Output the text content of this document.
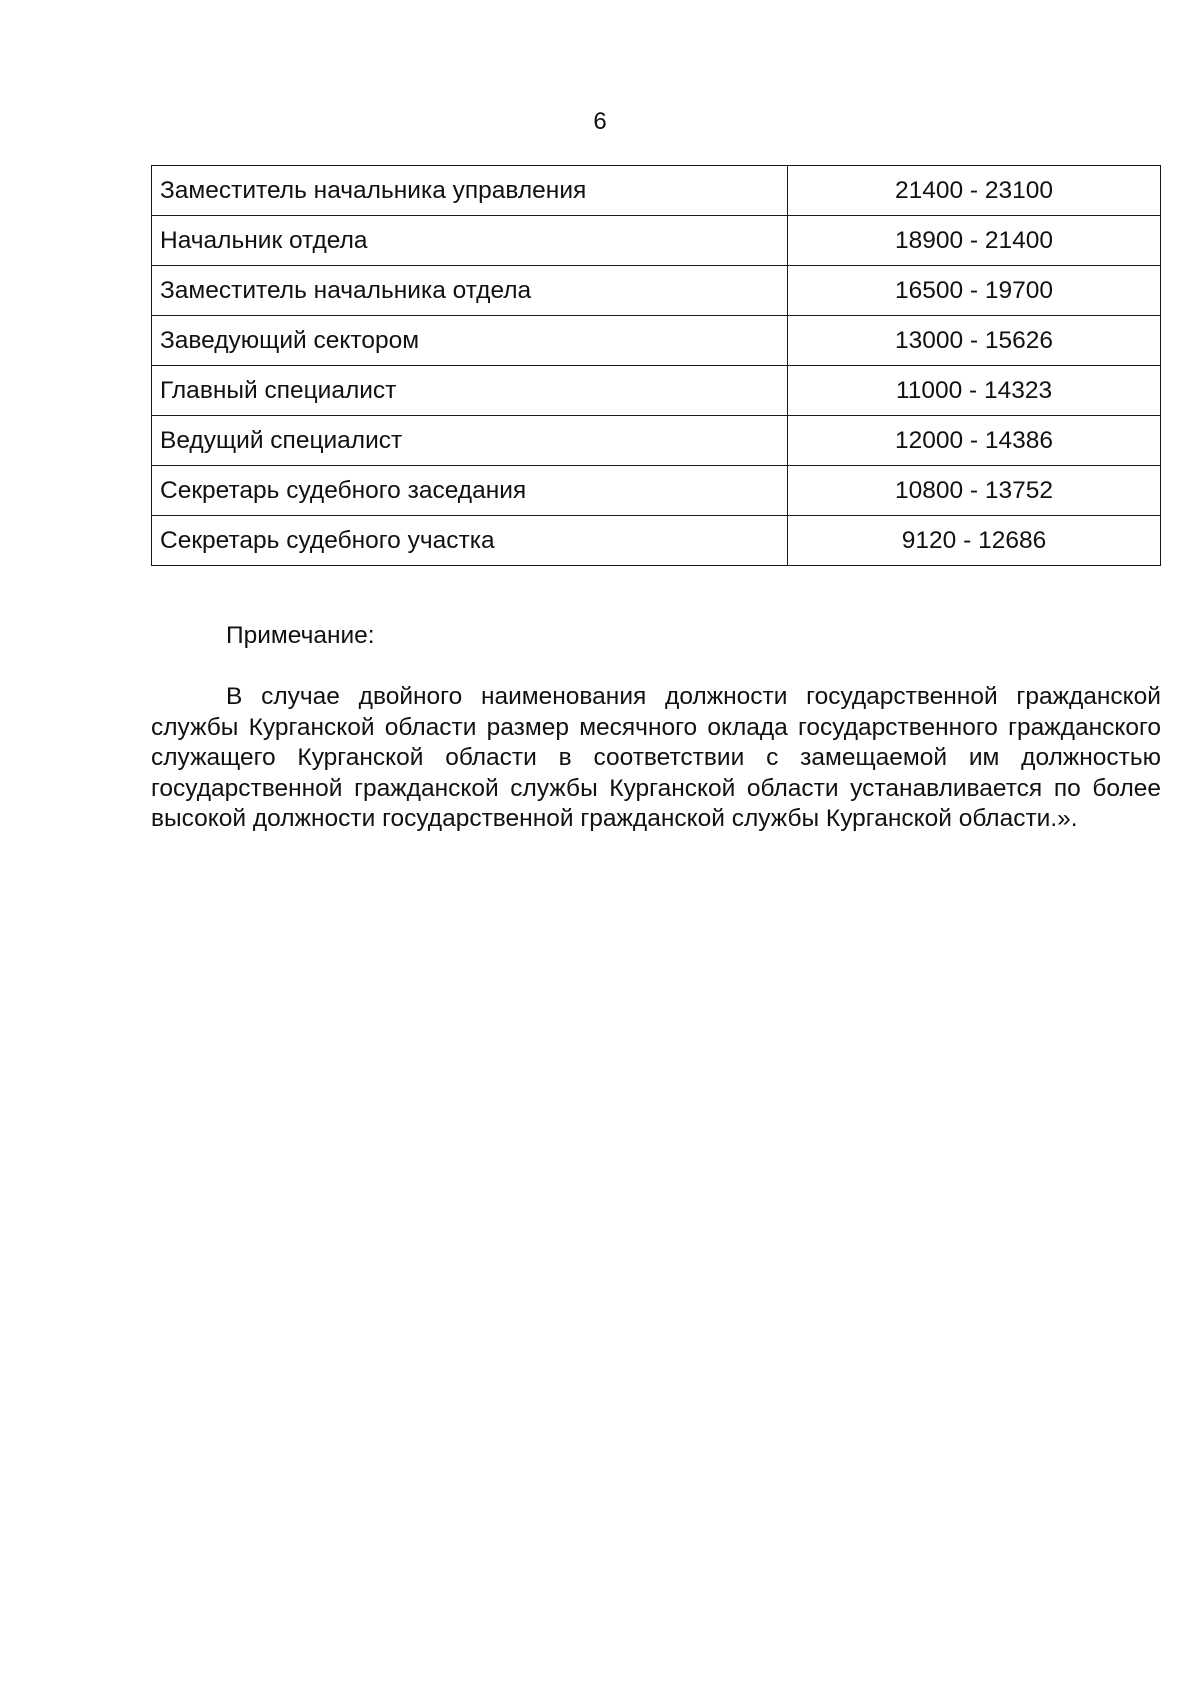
6
Заместитель начальника управления	21400 - 23100
Начальник отдела	18900 - 21400
Заместитель начальника отдела	16500 - 19700
Заведующий сектором	13000 - 15626
Главный специалист	11000 - 14323
Ведущий специалист	12000 - 14386
Секретарь судебного заседания	10800 - 13752
Секретарь судебного участка	9120 - 12686
Примечание:

В случае двойного наименования должности государственной гражданской службы Курганской области размер месячного оклада государственного гражданского служащего Курганской области в соответствии с замещаемой им должностью государственной гражданской службы Курганской области устанавливается по более высокой должности государственной гражданской службы Курганской области.».
